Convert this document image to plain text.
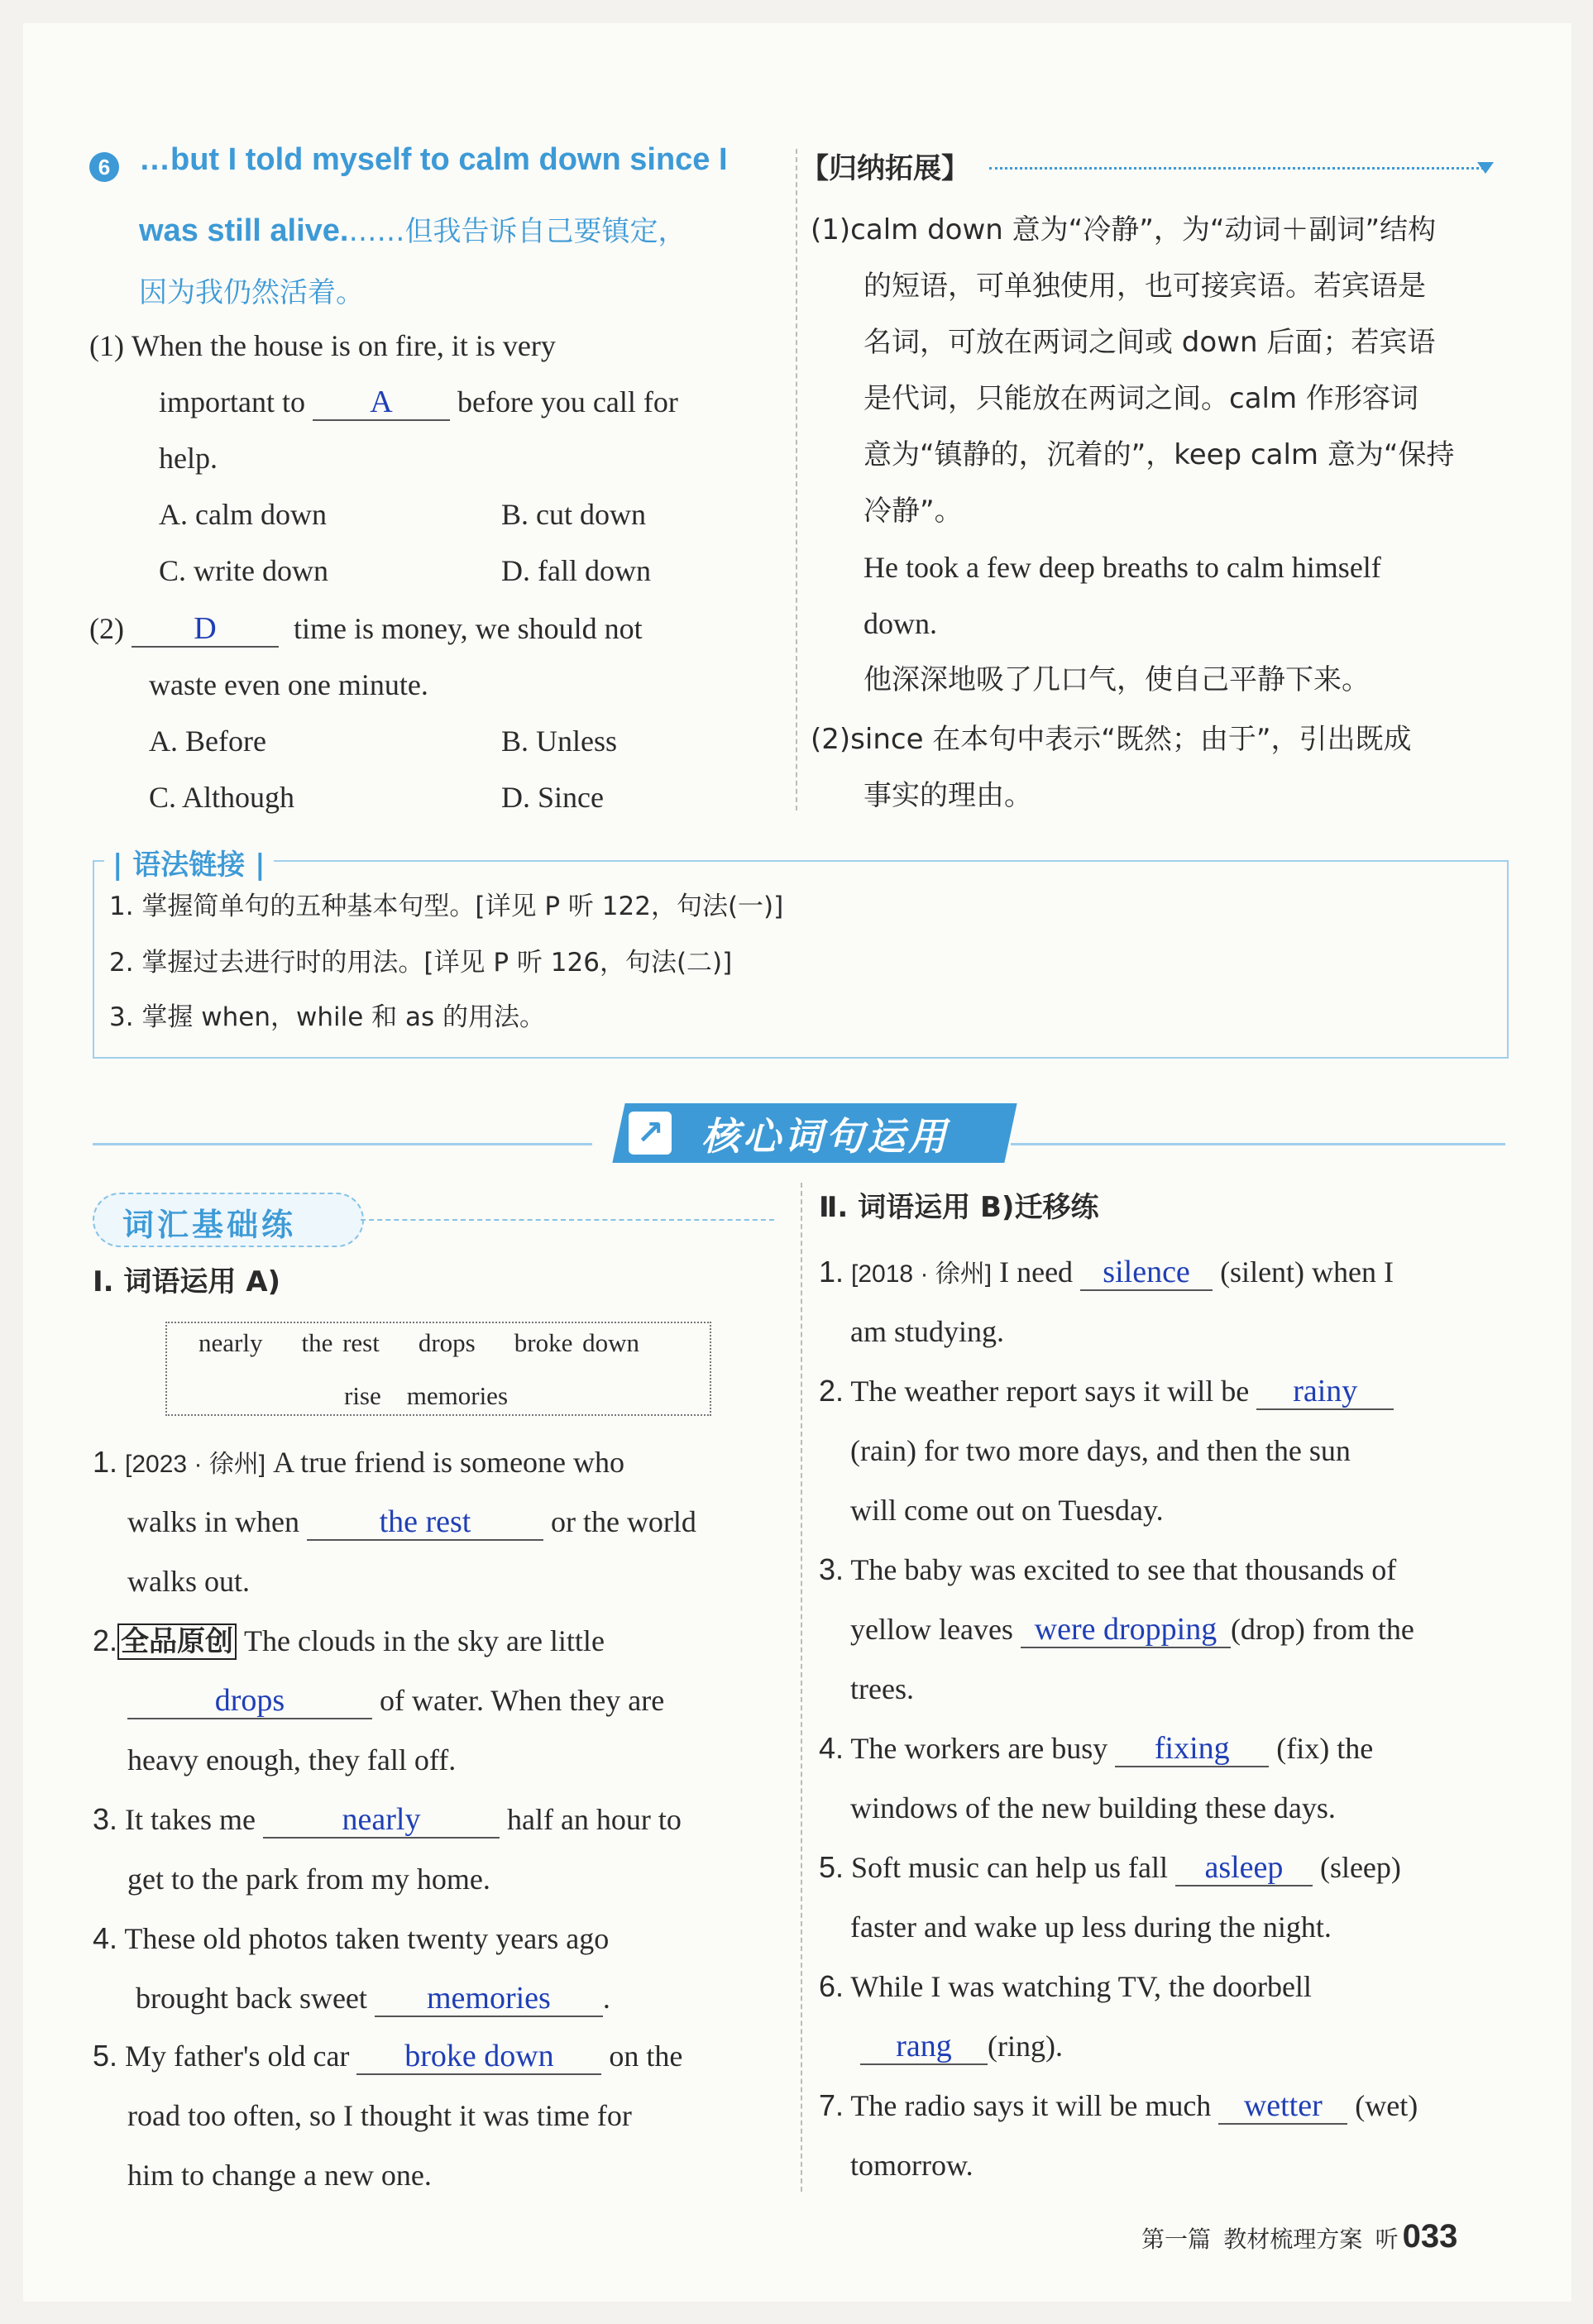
6 …but I told myself to calm down since I
was still alive.……但我告诉自己要镇定，
因为我仍然活着。
(1) When the house is on fire, it is very
important to A before you call for
help.
A. calm down	B. cut down
C. write down	D. fall down
(2) D	time is money, we should not
waste even one minute.
A. Before	B. Unless
C. Although	D. Since
【归纳拓展】
(1)calm down 意为“冷静”，为“动词＋副词”结构
的短语，可单独使用，也可接宾语。若宾语是
名词，可放在两词之间或 down 后面；若宾语
是代词，只能放在两词之间。calm 作形容词
意为“镇静的，沉着的”，keep calm 意为“保持
冷静”。
He took a few deep breaths to calm himself
down.
他深深地吸了几口气，使自己平静下来。
(2)since 在本句中表示“既然；由于”，引出既成
事实的理由。
| 语法链接 |
1. 掌握简单句的五种基本句型。[详见 P 听 122，句法(一)]
2. 掌握过去进行时的用法。[详见 P 听 126，句法(二)]
3. 掌握 when，while 和 as 的用法。
↗ 核心词句运用
词汇基础练
Ⅰ. 词语运用 A)
nearly the rest drops broke down
rise memories
1. [2023 · 徐州] A true friend is someone who
walks in when	the rest	or the world
walks out.
2. 全品原创 The clouds in the sky are little
drops	of water. When they are
heavy enough, they fall off.
3. It takes me	nearly	half an hour to
get to the park from my home.
4. These old photos taken twenty years ago
brought back sweet memories .
5. My father's old car broke down on the
road too often, so I thought it was time for
him to change a new one.
Ⅱ. 词语运用 B)迁移练
1. [2018 · 徐州] I need silence (silent) when I
am studying.
2. The weather report says it will be rainy
(rain) for two more days, and then the sun
will come out on Tuesday.
3. The baby was excited to see that thousands of
yellow leaves were dropping (drop) from the
trees.
4. The workers are busy fixing (fix) the
windows of the new building these days.
5. Soft music can help us fall asleep (sleep)
faster and wake up less during the night.
6. While I was watching TV, the doorbell
rang (ring).
7. The radio says it will be much wetter (wet)
tomorrow.
第一篇 教材梳理方案 听 033
